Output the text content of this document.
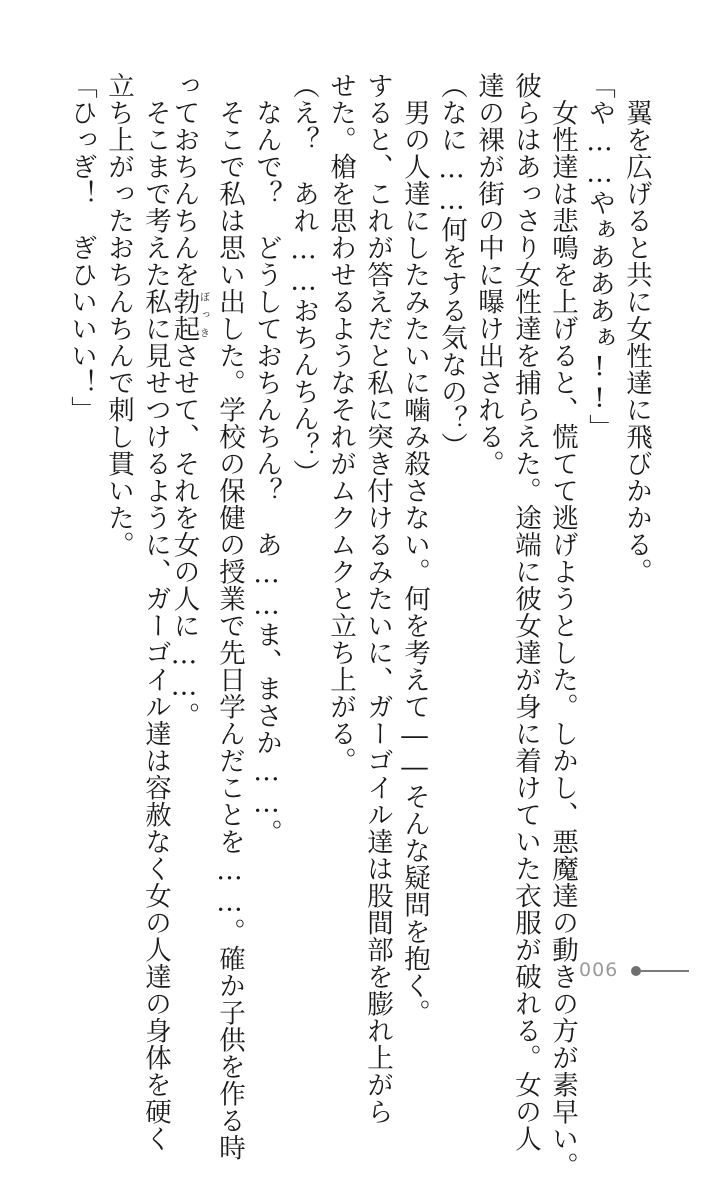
　翼を広げると共に女性達に飛びかかる。
「や……やぁあああぁ!!」
　女性達は悲鳴を上げると、慌てて逃げようとした。しかし、悪魔達の動きの方が素早い。
彼らはあっさり女性達を捕らえた。途端に彼女達が身に着けていた衣服が破れる。女の人
達の裸が街の中に曝け出される。
（なに……何をする気なの？）
　男の人達にしたみたいに噛み殺さない。何を考えて――そんな疑問を抱く。
すると、これが答えだと私に突き付けるみたいに、ガーゴイル達は股間部を膨れ上がら
せた。槍を思わせるようなそれがムクムクと立ち上がる。
（え？　あれ……おちんちん？）
　なんで？　どうしておちんちん？　あ……ま、まさか……。
　そこで私は思い出した。学校の保健の授業で先日学んだことを……。確か子供を作る時
っておちんちんを勃起ぼっきさせて、それを女の人に……。
　そこまで考えた私に見せつけるように、ガーゴイル達は容赦なく女の人達の身体を硬く
立ち上がったおちんちんで刺し貫いた。
「ひっぎ！　ぎひいいい！」
006
